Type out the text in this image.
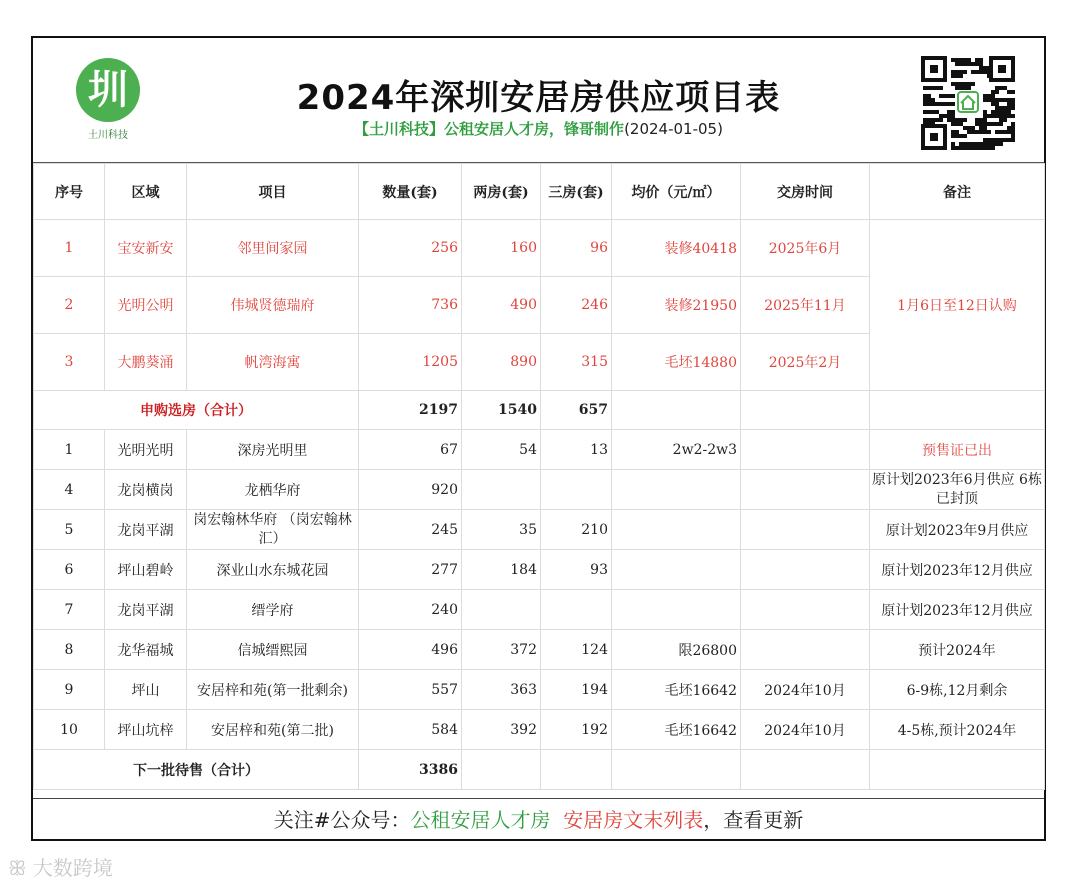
圳
土川科技
2024年深圳安居房供应项目表
【土川科技】公租安居人才房，锋哥制作(2024-01-05)
序号	区域	项目	数量(套)	两房(套)	三房(套)	均价（元/㎡）	交房时间	备注
1	宝安新安	邻里间家园	256	160	96	装修40418	2025年6月	1月6日至12日认购
2	光明公明	伟城贤德瑞府	736	490	246	装修21950	2025年11月	
3	大鹏葵涌	帆湾海寓	1205	890	315	毛坯14880	2025年2月	
申购选房（合计）			2197	1540	657			
1	光明光明	深房光明里	67	54	13	2w2-2w3		预售证已出
4	龙岗横岗	龙栖华府	920					原计划2023年6月供应 6栋已封顶
5	龙岗平湖	岗宏翰林华府 （岗宏翰林汇）	245	35	210			原计划2023年9月供应
6	坪山碧岭	深业山水东城花园	277	184	93			原计划2023年12月供应
7	龙岗平湖	缙学府	240					原计划2023年12月供应
8	龙华福城	信城缙熙园	496	372	124	限26800		预计2024年
9	坪山	安居梓和苑(第一批剩余)	557	363	194	毛坯16642	2024年10月	6-9栋,12月剩余
10	坪山坑梓	安居梓和苑(第二批)	584	392	192	毛坯16642	2024年10月	4-5栋,预计2024年
下一批待售（合计）			3386					
关注#公众号：公租安居人才房 安居房文末列表，查看更新
ꕥ 大数跨境
